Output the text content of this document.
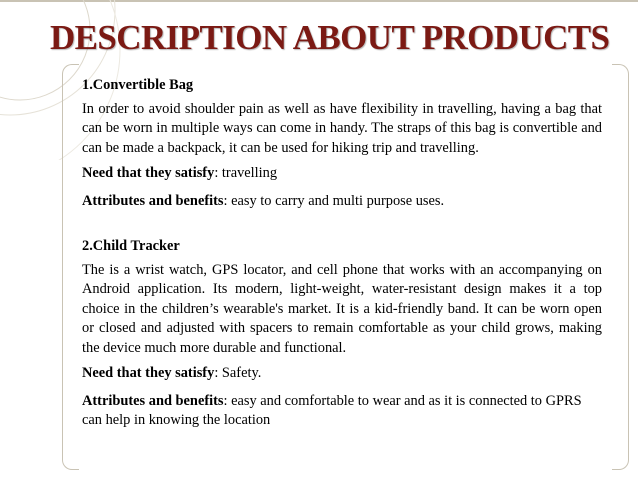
DESCRIPTION ABOUT PRODUCTS
1.Convertible Bag
In order to avoid shoulder pain as well as have flexibility in travelling, having a bag that can be worn in multiple ways can come in handy. The straps of this bag is convertible and can be made a backpack, it can be used for hiking trip and travelling.
Need that they satisfy: travelling
Attributes and benefits: easy to carry and multi purpose uses.
2.Child Tracker
The is a wrist watch, GPS locator, and cell phone that works with an accompanying on Android application. Its modern, light-weight, water-resistant design makes it a top choice in the children’s wearable's market. It is a kid-friendly band. It can be worn open or closed and adjusted with spacers to remain comfortable as your child grows, making the device much more durable and functional.
Need that they satisfy: Safety.
Attributes and benefits: easy and comfortable to wear and as it is connected to GPRS can help in knowing the location
